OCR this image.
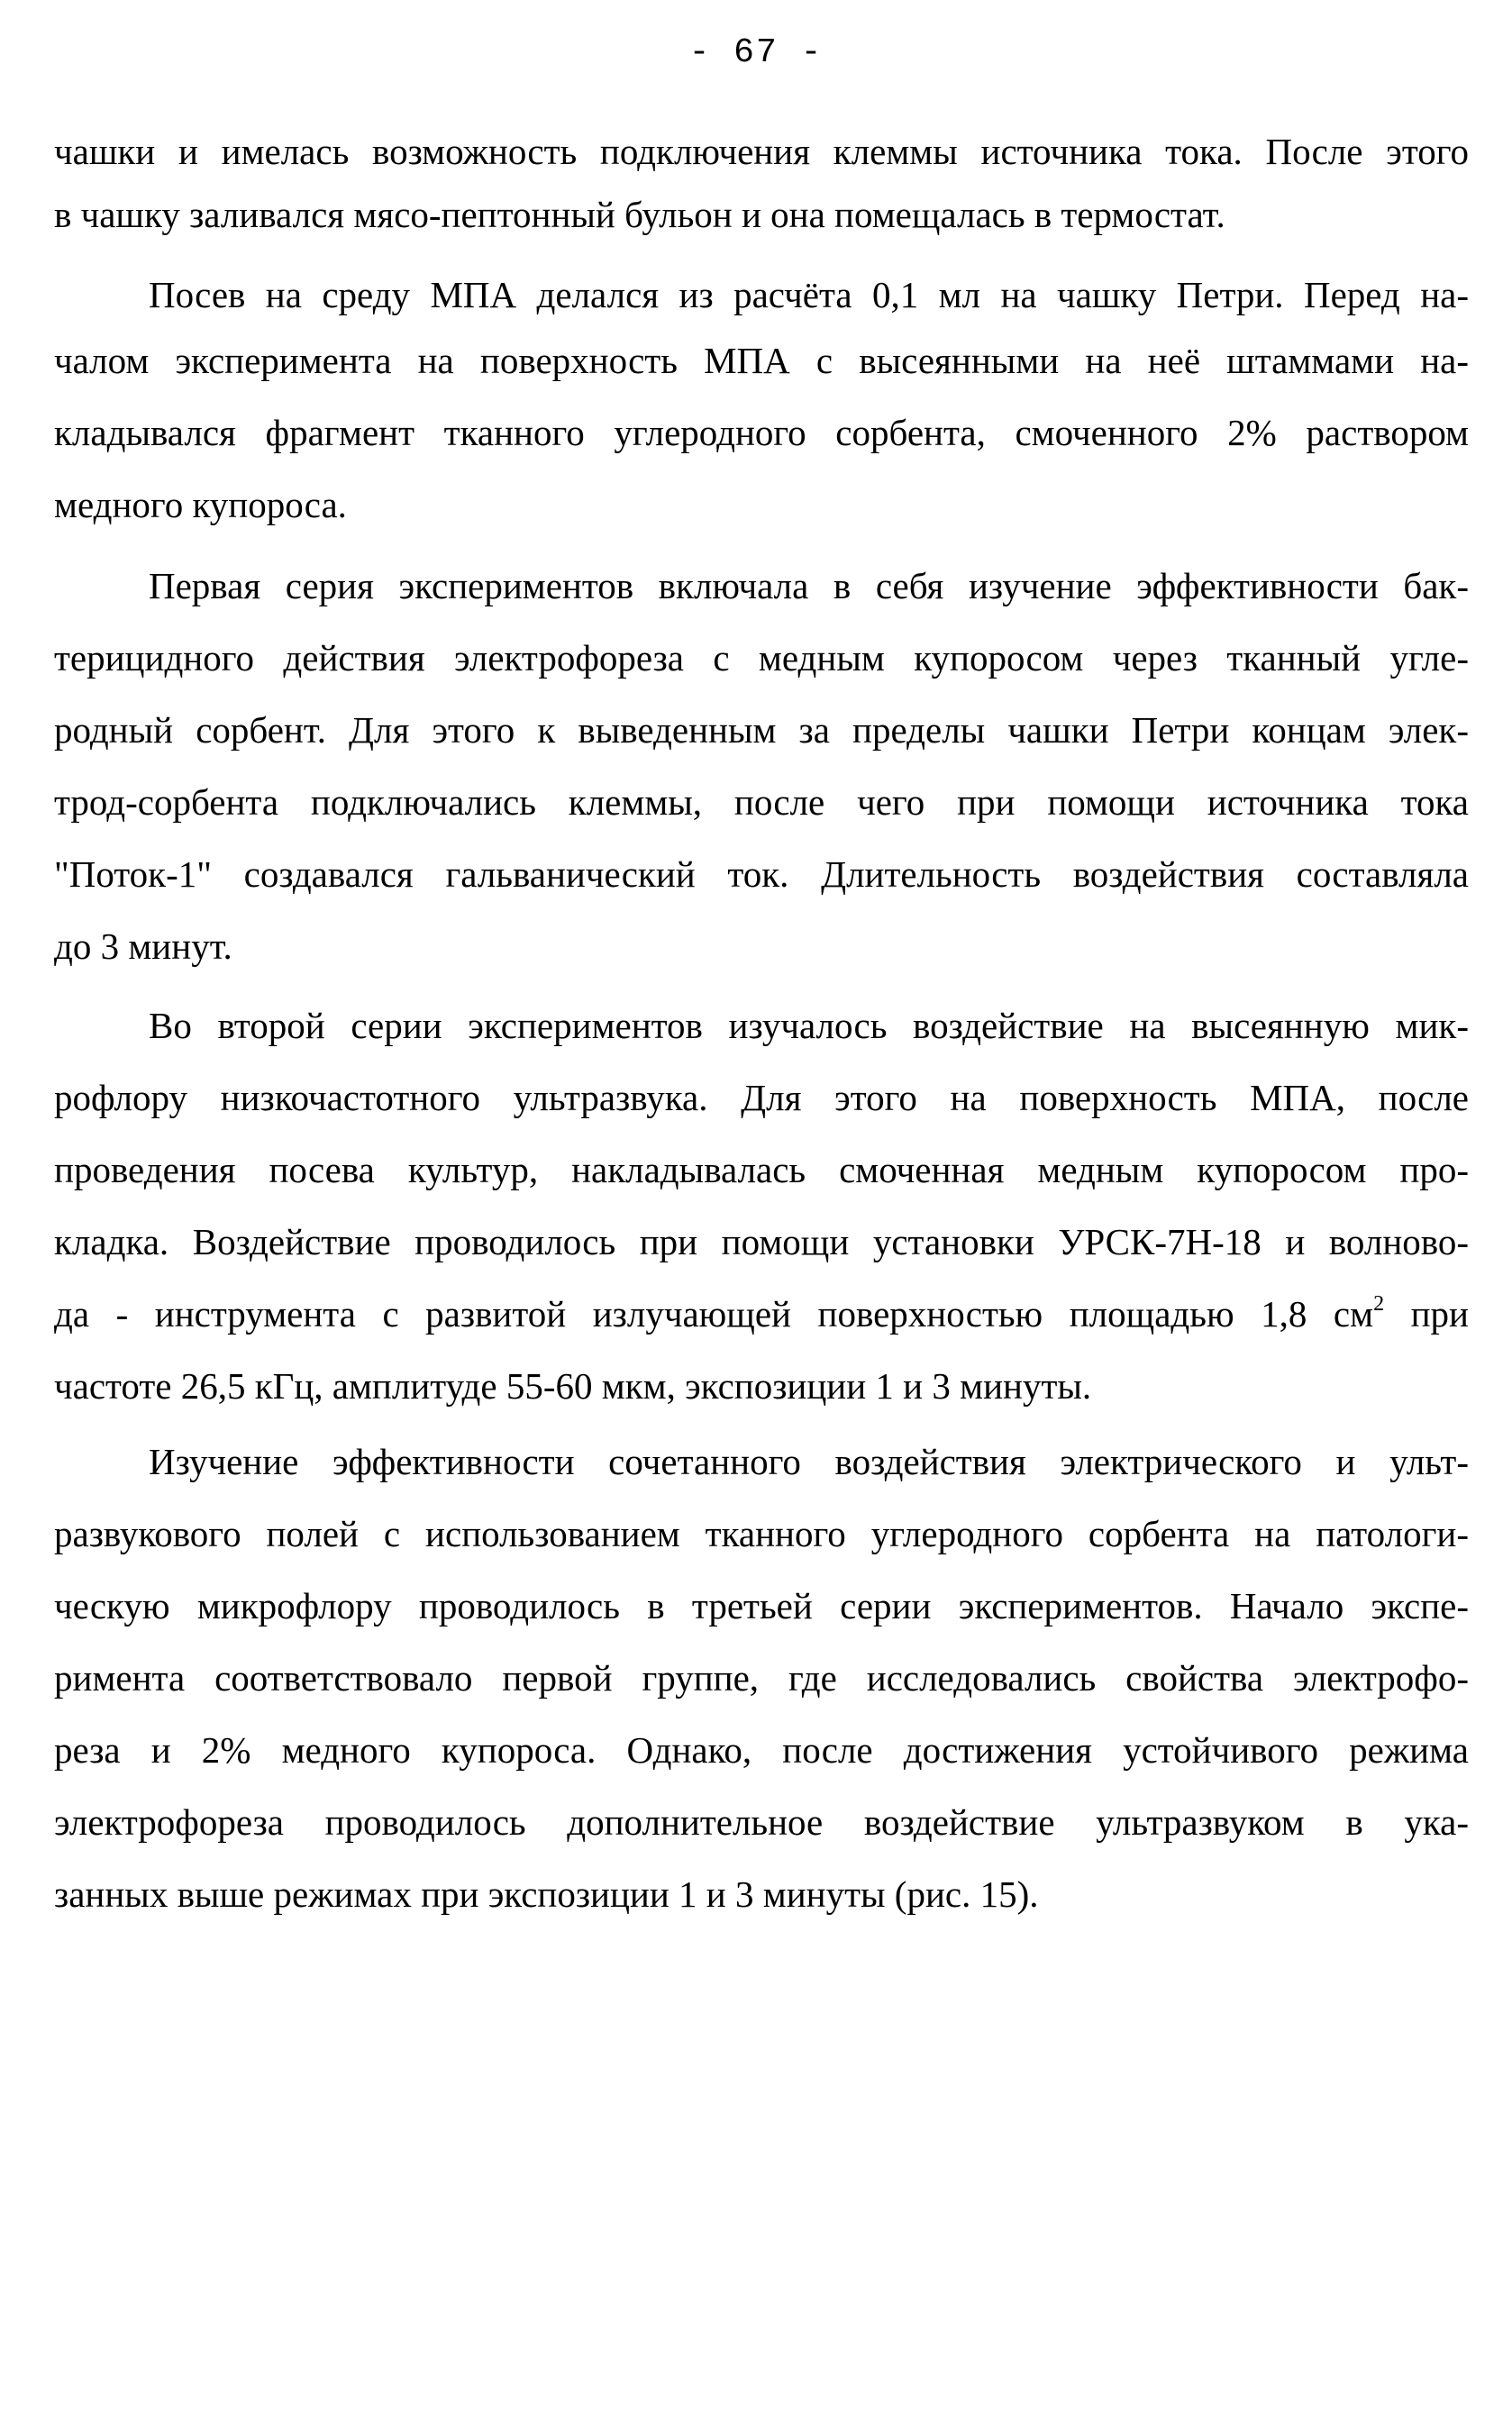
- 67 -
чашки и имелась возможность подключения клеммы источника тока. После этого
в чашку заливался мясо-пептонный бульон и она помещалась в термостат.
Посев на среду МПА делался из расчёта 0,1 мл на чашку Петри. Перед на-
чалом эксперимента на поверхность МПА с высеянными на неё штаммами на-
кладывался фрагмент тканного углеродного сорбента, смоченного 2% раствором
медного купороса.
Первая серия экспериментов включала в себя изучение эффективности бак-
терицидного действия электрофореза с медным купоросом через тканный угле-
родный сорбент. Для этого к выведенным за пределы чашки Петри концам элек-
трод-сорбента подключались клеммы, после чего при помощи источника тока
"Поток-1" создавался гальванический ток. Длительность воздействия составляла
до 3 минут.
Во второй серии экспериментов изучалось воздействие на высеянную мик-
рофлору низкочастотного ультразвука. Для этого на поверхность МПА, после
проведения посева культур, накладывалась смоченная медным купоросом про-
кладка. Воздействие проводилось при помощи установки УРСК-7Н-18 и волново-
да - инструмента с развитой излучающей поверхностью площадью 1,8 $см^2$ при
частоте 26,5 кГц, амплитуде 55-60 мкм, экспозиции 1 и 3 минуты.
Изучение эффективности сочетанного воздействия электрического и ульт-
развукового полей с использованием тканного углеродного сорбента на патологи-
ческую микрофлору проводилось в третьей серии экспериментов. Начало экспе-
римента соответствовало первой группе, где исследовались свойства электрофо-
реза и 2% медного купороса. Однако, после достижения устойчивого режима
электрофореза проводилось дополнительное воздействие ультразвуком в ука-
занных выше режимах при экспозиции 1 и 3 минуты (рис. 15).
